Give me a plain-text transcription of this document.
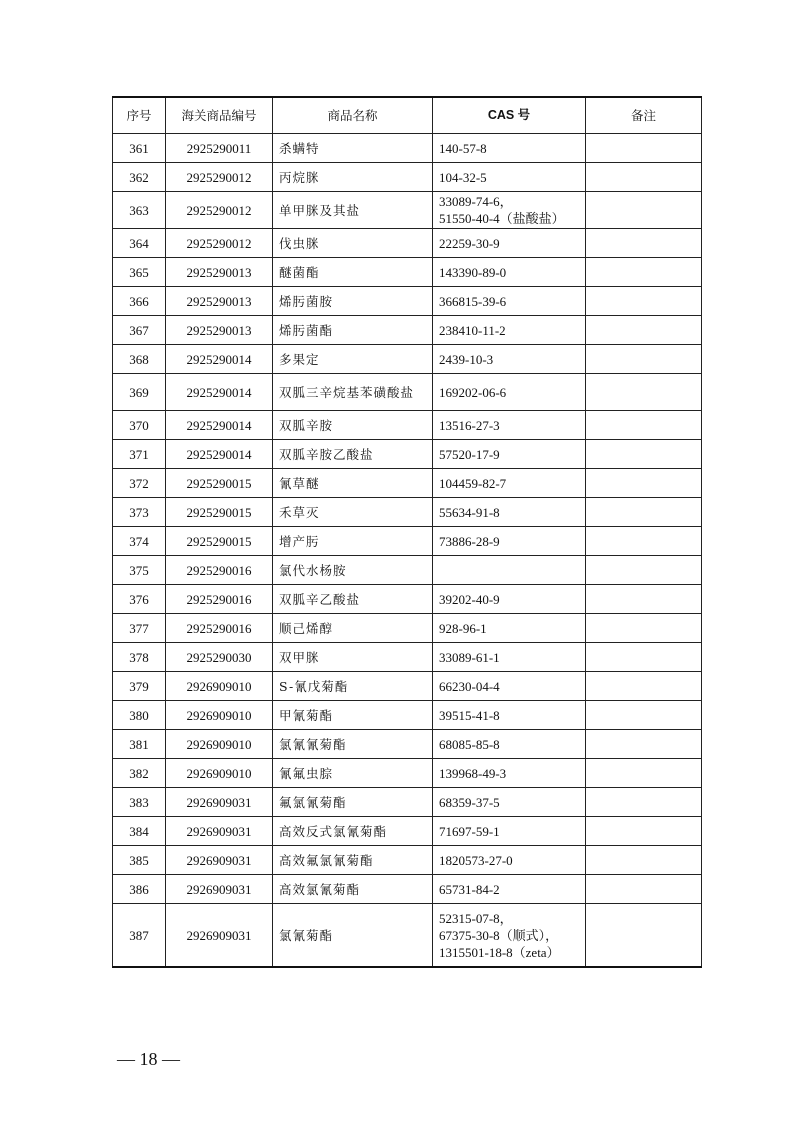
序号	海关商品编号	商品名称	CAS 号	备注
361	2925290011	杀螨特	140-57-8	

362	2925290012	丙烷脒	104-32-5	

363	2925290012	单甲脒及其盐	33089-74-6，
51550-40-4（盐酸盐）	

364	2925290012	伐虫脒	22259-30-9	

365	2925290013	醚菌酯	143390-89-0	

366	2925290013	烯肟菌胺	366815-39-6	

367	2925290013	烯肟菌酯	238410-11-2	

368	2925290014	多果定	2439-10-3	

369	2925290014	双胍三辛烷基苯磺酸盐	169202-06-6	

370	2925290014	双胍辛胺	13516-27-3	

371	2925290014	双胍辛胺乙酸盐	57520-17-9	

372	2925290015	氰草醚	104459-82-7	

373	2925290015	禾草灭	55634-91-8	

374	2925290015	增产肟	73886-28-9	

375	2925290016	氯代水杨胺	

376	2925290016	双胍辛乙酸盐	39202-40-9	

377	2925290016	顺己烯醇	928-96-1	

378	2925290030	双甲脒	33089-61-1	

379	2926909010	S-氰戊菊酯	66230-04-4	

380	2926909010	甲氰菊酯	39515-41-8	

381	2926909010	氯氰氰菊酯	68085-85-8	

382	2926909010	氰氟虫腙	139968-49-3	

383	2926909031	氟氯氰菊酯	68359-37-5	

384	2926909031	高效反式氯氰菊酯	71697-59-1	

385	2926909031	高效氟氯氰菊酯	1820573-27-0	

386	2926909031	高效氯氰菊酯	65731-84-2	

387	2926909031	氯氰菊酯	52315-07-8，
67375-30-8（顺式），
1315501-18-8（zeta）	

— 18 —
